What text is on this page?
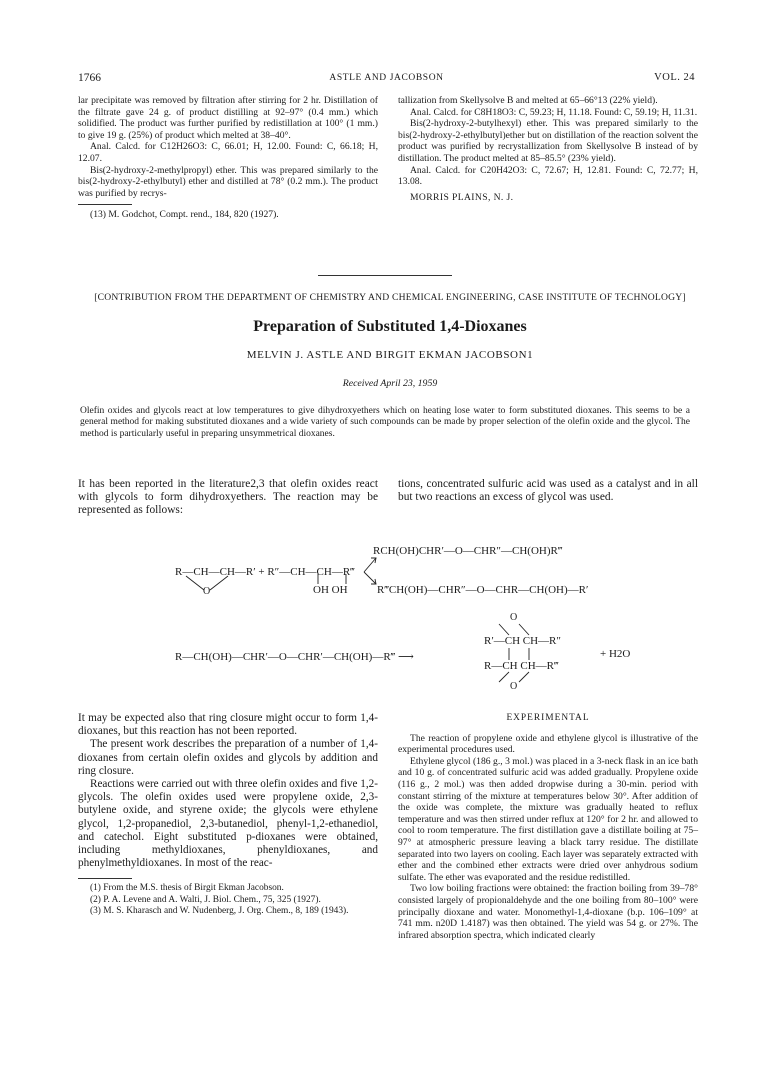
1766	ASTLE AND JACOBSON	VOL. 24

lar precipitate was removed by filtration after stirring for 2 hr. Distillation of the filtrate gave 24 g. of product distilling at 92–97° (0.4 mm.) which solidified. The product was further purified by redistillation at 100° (1 mm.) to give 19 g. (25%) of product which melted at 38–40°.

Anal. Calcd. for C12H26O3: C, 66.01; H, 12.00. Found: C, 66.18; H, 12.07.

Bis(2-hydroxy-2-methylpropyl) ether. This was prepared similarly to the bis(2-hydroxy-2-ethylbutyl) ether and distilled at 78° (0.2 mm.). The product was purified by recrys-

(13) M. Godchot, Compt. rend., 184, 820 (1927).

tallization from Skellysolve B and melted at 65–66°13 (22% yield).

Anal. Calcd. for C8H18O3: C, 59.23; H, 11.18. Found: C, 59.19; H, 11.31.

Bis(2-hydroxy-2-butylhexyl) ether. This was prepared similarly to the bis(2-hydroxy-2-ethylbutyl)ether but on distillation of the reaction solvent the product was purified by recrystallization from Skellysolve B instead of by distillation. The product melted at 85–85.5° (23% yield).

Anal. Calcd. for C20H42O3: C, 72.67; H, 12.81. Found: C, 72.77; H, 13.08.

MORRIS PLAINS, N. J.

[CONTRIBUTION FROM THE DEPARTMENT OF CHEMISTRY AND CHEMICAL ENGINEERING, CASE INSTITUTE OF TECHNOLOGY]
Preparation of Substituted 1,4-Dioxanes
MELVIN J. ASTLE AND BIRGIT EKMAN JACOBSON1
Received April 23, 1959
Olefin oxides and glycols react at low temperatures to give dihydroxyethers which on heating lose water to form substituted dioxanes. This seems to be a general method for making substituted dioxanes and a wide variety of such compounds can be made by proper selection of the olefin oxide and the glycol. The method is particularly useful in preparing unsymmetrical dioxanes.
It has been reported in the literature2,3 that olefin oxides react with glycols to form dihydroxyethers. The reaction may be represented as follows:
tions, concentrated sulfuric acid was used as a catalyst and in all but two reactions an excess of glycol was used.
R—CH—CH—R′ + R″—CH—CH—R‴
O	OH OH
RCH(OH)CHR′—O—CHR″—CH(OH)R‴
R‴CH(OH)—CHR″—O—CHR—CH(OH)—R′
R—CH(OH)—CHR′—O—CHR′—CH(OH)—R‴ ⟶
O
R′—CH CH—R″
R—CH CH—R‴
O
+ H2O

It may be expected also that ring closure might occur to form 1,4-dioxanes, but this reaction has not been reported.

The present work describes the preparation of a number of 1,4-dioxanes from certain olefin oxides and glycols by addition and ring closure.

Reactions were carried out with three olefin oxides and five 1,2-glycols. The olefin oxides used were propylene oxide, 2,3-butylene oxide, and styrene oxide; the glycols were ethylene glycol, 1,2-propanediol, 2,3-butanediol, phenyl-1,2-ethanediol, and catechol. Eight substituted p-dioxanes were obtained, including methyldioxanes, phenyldioxanes, and phenylmethyldioxanes. In most of the reac-

(1) From the M.S. thesis of Birgit Ekman Jacobson.

(2) P. A. Levene and A. Walti, J. Biol. Chem., 75, 325 (1927).

(3) M. S. Kharasch and W. Nudenberg, J. Org. Chem., 8, 189 (1943).

EXPERIMENTAL

The reaction of propylene oxide and ethylene glycol is illustrative of the experimental procedures used.

Ethylene glycol (186 g., 3 mol.) was placed in a 3-neck flask in an ice bath and 10 g. of concentrated sulfuric acid was added gradually. Propylene oxide (116 g., 2 mol.) was then added dropwise during a 30-min. period with constant stirring of the mixture at temperatures below 30°. After addition of the oxide was complete, the mixture was gradually heated to reflux temperature and was then stirred under reflux at 120° for 2 hr. and allowed to cool to room temperature. The first distillation gave a distillate boiling at 75–97° at atmospheric pressure leaving a black tarry residue. The distillate separated into two layers on cooling. Each layer was separately extracted with ether and the combined ether extracts were dried over anhydrous sodium sulfate. The ether was evaporated and the residue redistilled.

Two low boiling fractions were obtained: the fraction boiling from 39–78° consisted largely of propionaldehyde and the one boiling from 80–100° were principally dioxane and water. Monomethyl-1,4-dioxane (b.p. 106–109° at 741 mm. n20D 1.4187) was then obtained. The yield was 54 g. or 27%. The infrared absorption spectra, which indicated clearly
